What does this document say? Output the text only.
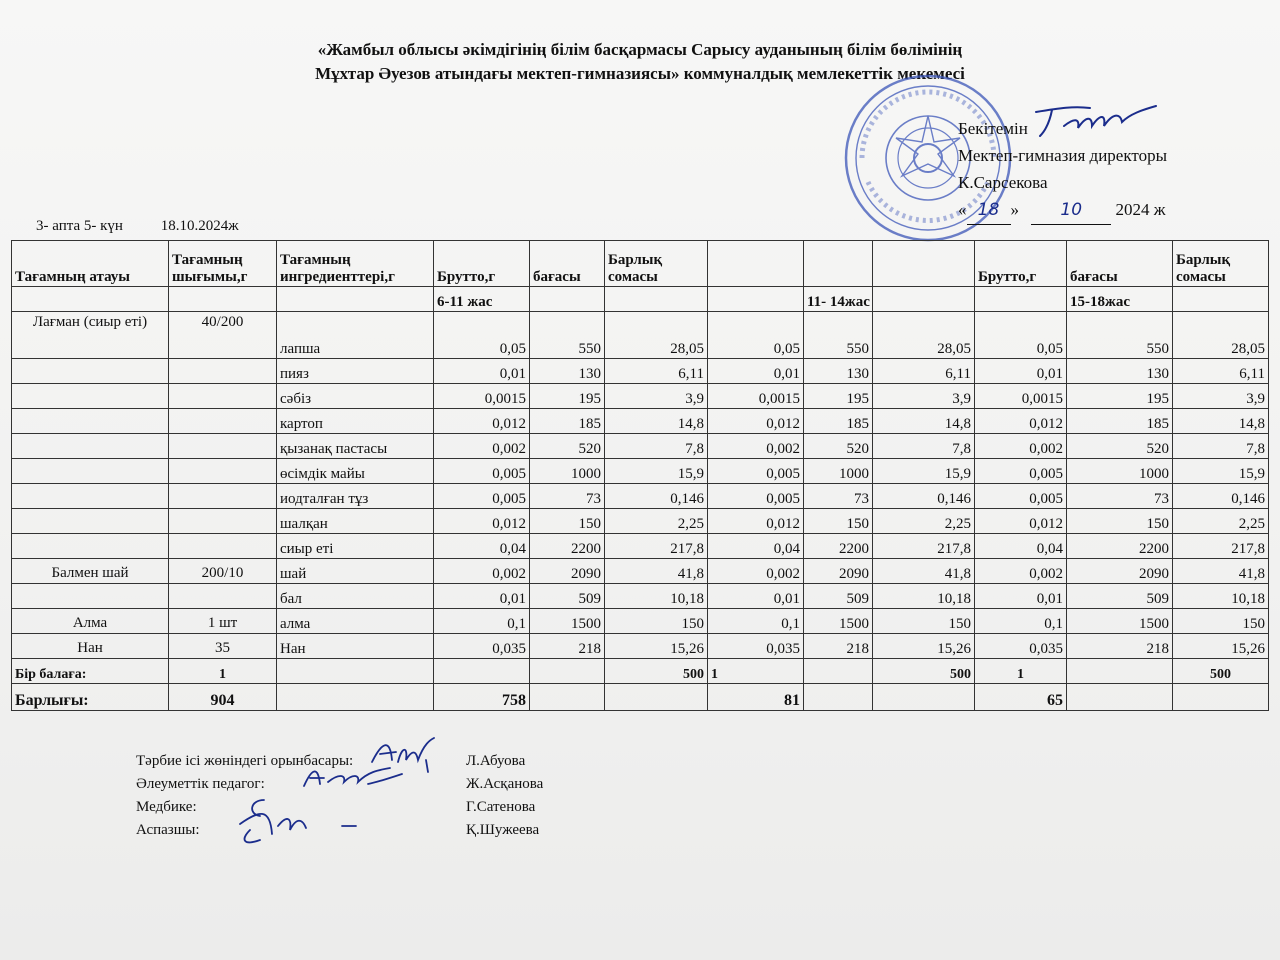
«Жамбыл облысы әкімдігінің білім басқармасы Сарысу ауданының білім бөлімінің
Мұхтар Әуезов атындағы мектеп-гимназиясы» коммуналдық мемлекеттік мекемесі
Бекітемін
Мектеп-гимназия директоры
К.Сарсекова
« 18 » 10 2024 ж
3- апта 5- күн	18.10.2024ж
Тағамның атауы	Тағамның шығымы,г	Тағамның ингредиенттері,г	Брутто,г	бағасы	Барлық сомасы				Брутто,г	бағасы	Барлық сомасы
			6-11 жас				11- 14жас			15-18жас	
Лағман (сиыр еті)	40/200	лапша	0,05	550	28,05	0,05	550	28,05	0,05	550	28,05
		пияз	0,01	130	6,11	0,01	130	6,11	0,01	130	6,11
		сәбіз	0,0015	195	3,9	0,0015	195	3,9	0,0015	195	3,9
		картоп	0,012	185	14,8	0,012	185	14,8	0,012	185	14,8
		қызанақ пастасы	0,002	520	7,8	0,002	520	7,8	0,002	520	7,8
		өсімдік майы	0,005	1000	15,9	0,005	1000	15,9	0,005	1000	15,9
		иодталған тұз	0,005	73	0,146	0,005	73	0,146	0,005	73	0,146
		шалқан	0,012	150	2,25	0,012	150	2,25	0,012	150	2,25
		сиыр еті	0,04	2200	217,8	0,04	2200	217,8	0,04	2200	217,8
Балмен шай	200/10	шай	0,002	2090	41,8	0,002	2090	41,8	0,002	2090	41,8
		бал	0,01	509	10,18	0,01	509	10,18	0,01	509	10,18
Алма	1 шт	алма	0,1	1500	150	0,1	1500	150	0,1	1500	150
Нан	35	Нан	0,035	218	15,26	0,035	218	15,26	0,035	218	15,26
Бір балаға:	1				500	1		500	1		500
Барлығы:	904		758			81			65		
Тәрбие ісі жөніндегі орынбасары:	Л.Абуова
Әлеуметтік педагог:	Ж.Асқанова
Медбике:	Г.Сатенова
Аспазшы:	Қ.Шужеева
